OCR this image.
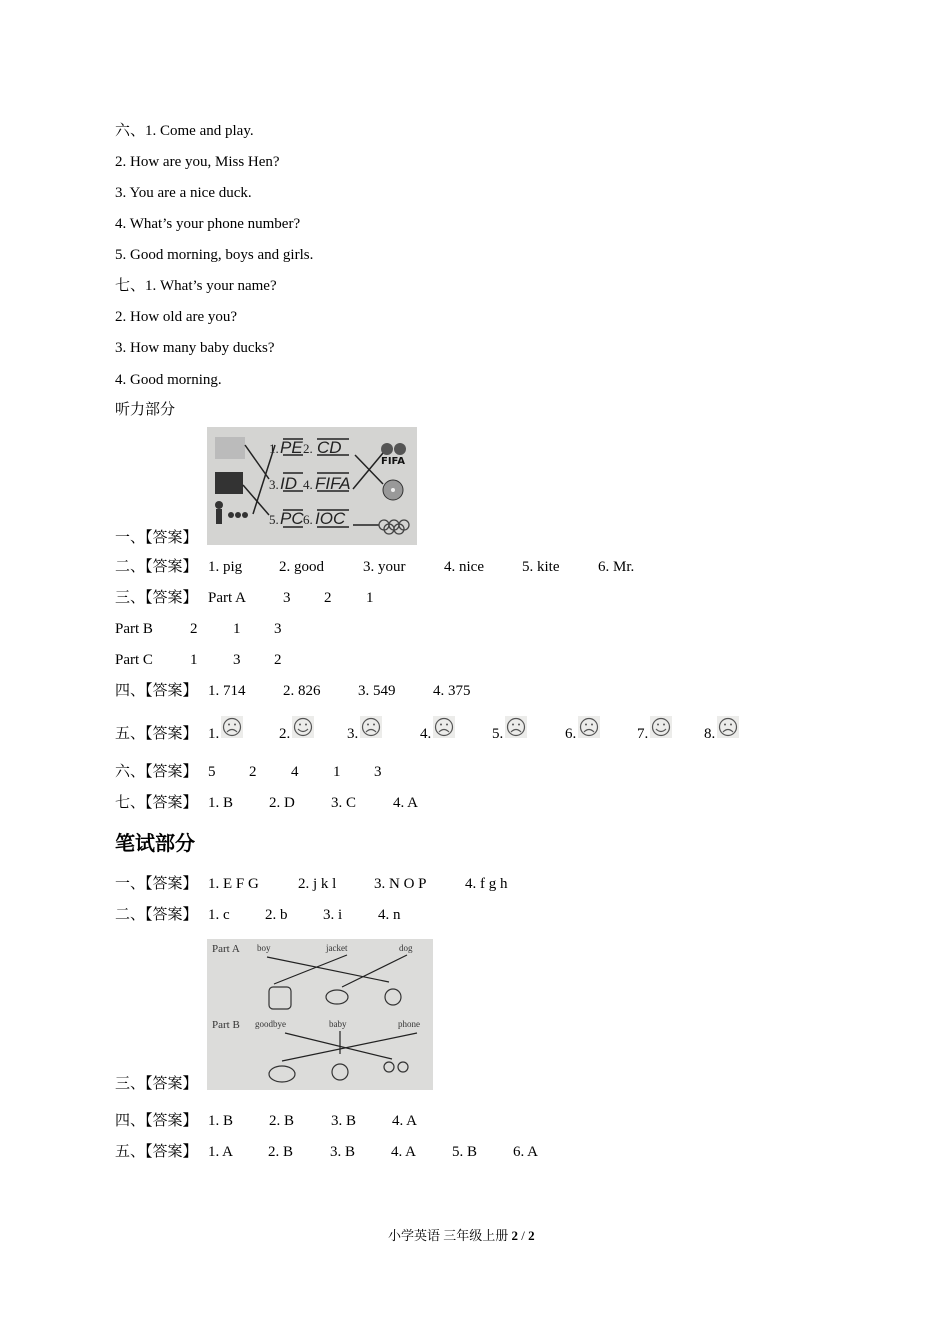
六、1. Come and play.
2. How are you, Miss Hen?
3. You are a nice duck.
4. What’s your phone number?
5. Good morning, boys and girls.
七、1. What’s your name?
2. How old are you?
3. How many baby ducks?
4. Good morning.
听力部分
一、【答案】
1. 2.
3. 4.
5. 6.
PE CD
ID FIFA
PC IOC
FIFA
二、【答案】 1. pig 2. good	3. your	4. nice	5. kite	6. Mr.
三、【答案】 Part A 3 2 1
Part B 2 1 3
Part C 1 3 2
四、【答案】 1. 714	2. 826	3. 549	4. 375
五、【答案】 1.	2.	3.	4.	5.	6.	7.	8.
六、【答案】 5 2 4 1 3
七、【答案】 1. B 2. D 3. C 4. A
笔试部分
一、【答案】 1. E F G	2. j k l	3. N O P	4. f g h
二、【答案】 1. c 2. b 3. i 4. n
三、【答案】
Part A boy	jacket	dog
Part B goodbye	baby	phone
四、【答案】 1. B 2. B 3. B 4. A
五、【答案】 1. A 2. B 3. B 4. A 5. B 6. A
小学英语 三年级上册 2 / 2
